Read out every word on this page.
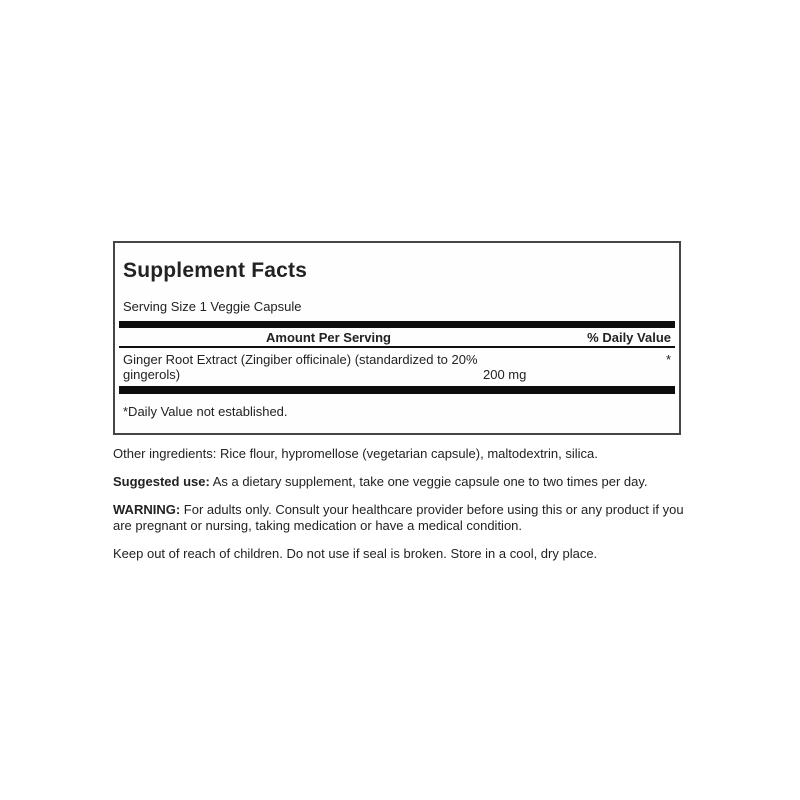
Supplement Facts
Serving Size 1 Veggie Capsule
Amount Per Serving	% Daily Value
Ginger Root Extract (Zingiber officinale) (standardized to 20%
gingerols)	200 mg
*
*Daily Value not established.

Other ingredients: Rice flour, hypromellose (vegetarian capsule), maltodextrin, silica.

Suggested use: As a dietary supplement, take one veggie capsule one to two times per day.

WARNING: For adults only. Consult your healthcare provider before using this or any product if you are pregnant or nursing, taking medication or have a medical condition.

Keep out of reach of children. Do not use if seal is broken. Store in a cool, dry place.
